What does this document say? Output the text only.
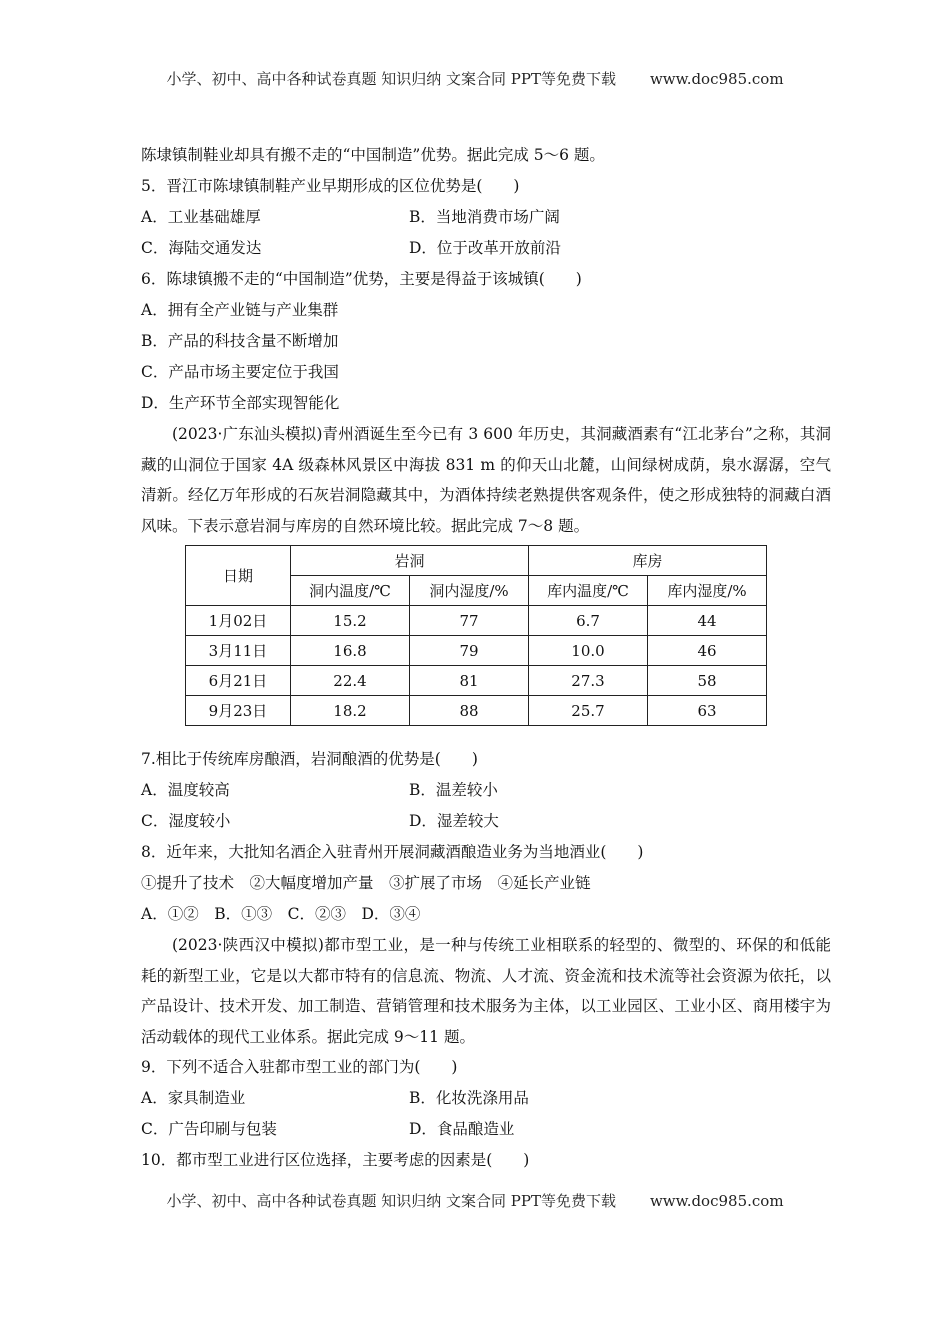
小学、初中、高中各种试卷真题 知识归纳 文案合同 PPT等免费下载 www.doc985.com
陈埭镇制鞋业却具有搬不走的“中国制造”优势。据此完成 5～6 题。
5．晋江市陈埭镇制鞋产业早期形成的区位优势是(　　)
A．工业基础雄厚	B．当地消费市场广阔
C．海陆交通发达	D．位于改革开放前沿
6．陈埭镇搬不走的“中国制造”优势，主要是得益于该城镇(　　)
A．拥有全产业链与产业集群
B．产品的科技含量不断增加
C．产品市场主要定位于我国
D．生产环节全部实现智能化

(2023·广东汕头模拟)青州酒诞生至今已有 3 600 年历史，其洞藏酒素有“江北茅台”之称，其洞藏的山洞位于国家 4A 级森林风景区中海拔 831 m 的仰天山北麓，山间绿树成荫，泉水潺潺，空气清新。经亿万年形成的石灰岩洞隐藏其中，为酒体持续老熟提供客观条件，使之形成独特的洞藏白酒风味。下表示意岩洞与库房的自然环境比较。据此完成 7～8 题。

日期	岩洞		库房	
	洞内温度/℃	洞内湿度/%	库内温度/℃	库内湿度/%
1月02日	15.2	77	6.7	44
3月11日	16.8	79	10.0	46
6月21日	22.4	81	27.3	58
9月23日	18.2	88	25.7	63
7.相比于传统库房酿酒，岩洞酿酒的优势是(　　)
A．温度较高	B．温差较小
C．湿度较小	D．湿差较大
8．近年来，大批知名酒企入驻青州开展洞藏酒酿造业务为当地酒业(　　)
①提升了技术　②大幅度增加产量　③扩展了市场　④延长产业链
A．①②　B．①③　C．②③　D．③④

(2023·陕西汉中模拟)都市型工业，是一种与传统工业相联系的轻型的、微型的、环保的和低能耗的新型工业，它是以大都市特有的信息流、物流、人才流、资金流和技术流等社会资源为依托，以产品设计、技术开发、加工制造、营销管理和技术服务为主体，以工业园区、工业小区、商用楼宇为活动载体的现代工业体系。据此完成 9～11 题。

9．下列不适合入驻都市型工业的部门为(　　)
A．家具制造业	B．化妆洗涤用品
C．广告印刷与包装	D．食品酿造业
10．都市型工业进行区位选择，主要考虑的因素是(　　)
小学、初中、高中各种试卷真题 知识归纳 文案合同 PPT等免费下载 www.doc985.com
